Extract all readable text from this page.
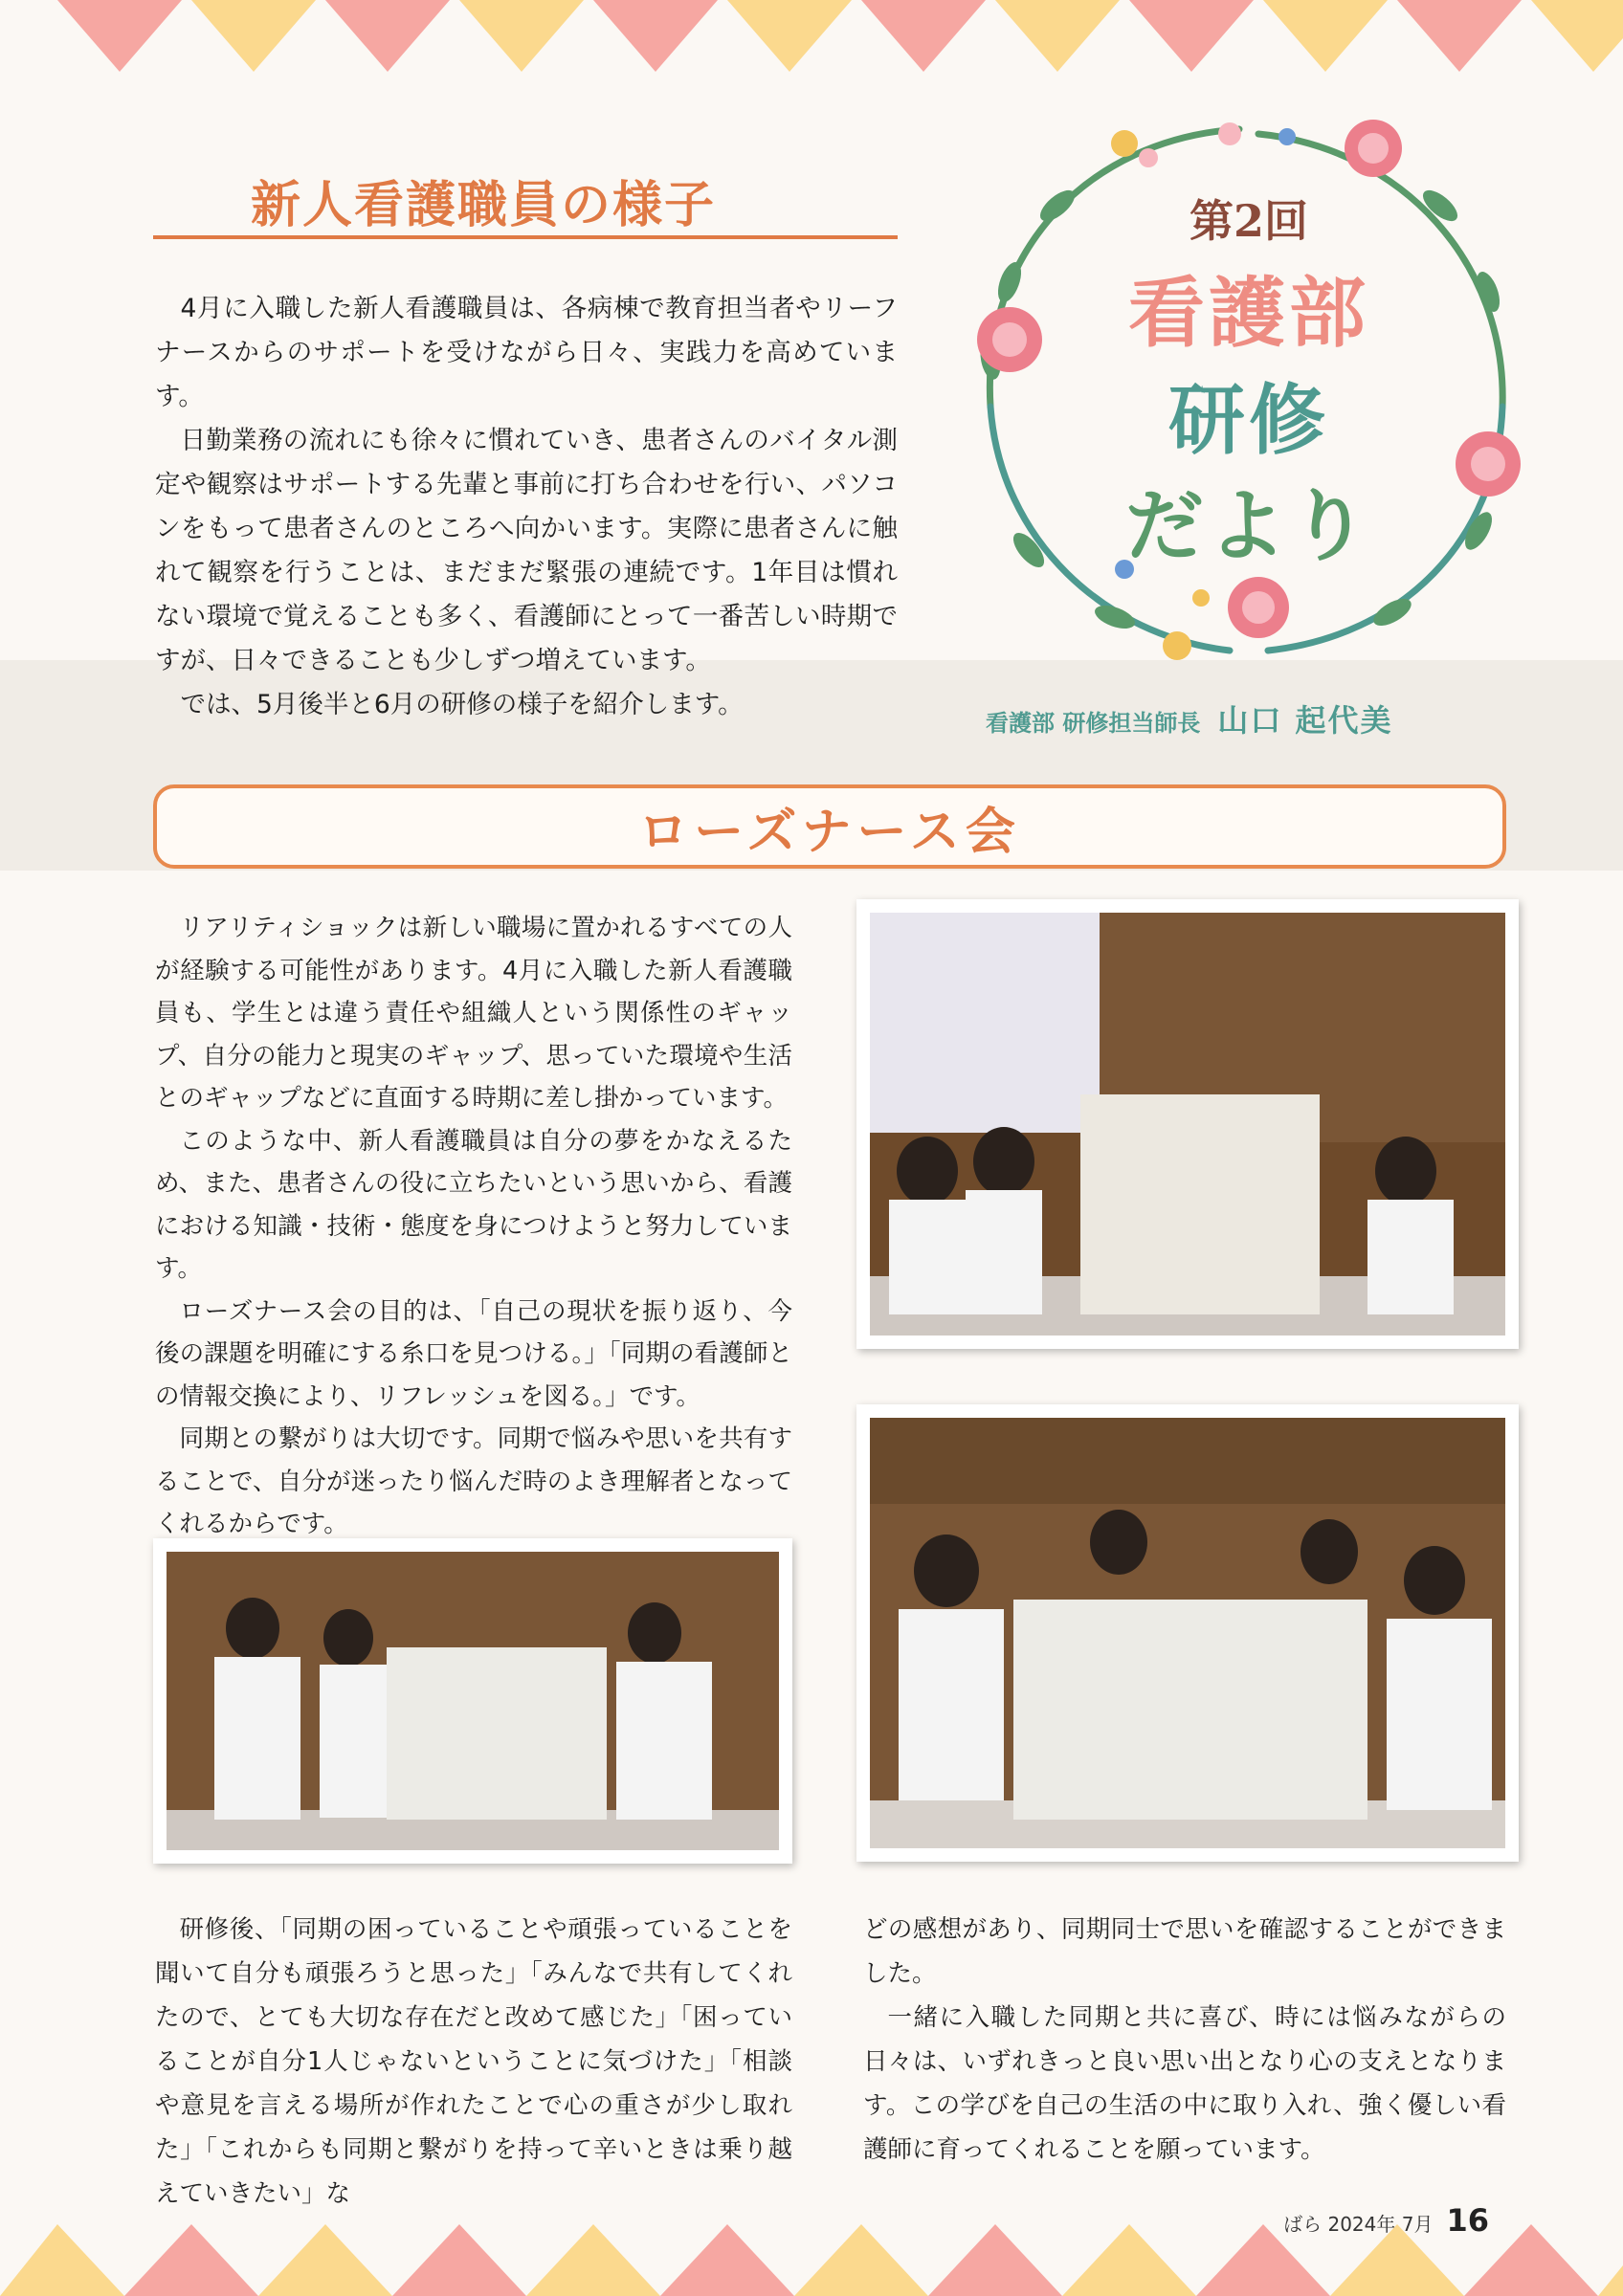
新人看護職員の様子

4月に入職した新人看護職員は、各病棟で教育担当者やリーフナースからのサポートを受けながら日々、実践力を高めています。

日勤業務の流れにも徐々に慣れていき、患者さんのバイタル測定や観察はサポートする先輩と事前に打ち合わせを行い、パソコンをもって患者さんのところへ向かいます。実際に患者さんに触れて観察を行うことは、まだまだ緊張の連続です。1年目は慣れない環境で覚えることも多く、看護師にとって一番苦しい時期ですが、日々できることも少しずつ増えています。

では、5月後半と6月の研修の様子を紹介します。

第2回
看護部
研修
だより
看護部 研修担当師長 山口 起代美
ローズナース会

リアリティショックは新しい職場に置かれるすべての人が経験する可能性があります。4月に入職した新人看護職員も、学生とは違う責任や組織人という関係性のギャップ、自分の能力と現実のギャップ、思っていた環境や生活とのギャップなどに直面する時期に差し掛かっています。

このような中、新人看護職員は自分の夢をかなえるため、また、患者さんの役に立ちたいという思いから、看護における知識・技術・態度を身につけようと努力しています。

ローズナース会の目的は、「自己の現状を振り返り、今後の課題を明確にする糸口を見つける。」「同期の看護師との情報交換により、リフレッシュを図る。」です。

同期との繋がりは大切です。同期で悩みや思いを共有することで、自分が迷ったり悩んだ時のよき理解者となってくれるからです。

研修後、「同期の困っていることや頑張っていることを聞いて自分も頑張ろうと思った」「みんなで共有してくれたので、とても大切な存在だと改めて感じた」「困っていることが自分1人じゃないということに気づけた」「相談や意見を言える場所が作れたことで心の重さが少し取れた」「これからも同期と繋がりを持って辛いときは乗り越えていきたい」な

どの感想があり、同期同士で思いを確認することができました。

一緒に入職した同期と共に喜び、時には悩みながらの日々は、いずれきっと良い思い出となり心の支えとなります。この学びを自己の生活の中に取り入れ、強く優しい看護師に育ってくれることを願っています。

ばら 2024年 7月 16
